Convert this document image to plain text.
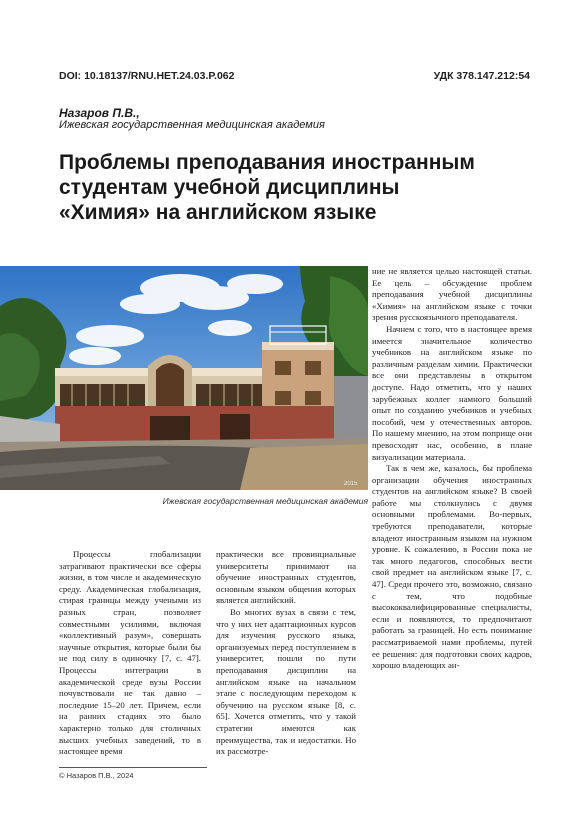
DOI: 10.18137/RNU.HET.24.03.P.062	УДК 378.147.212:54
Назаров П.В.,
Ижевская государственная медицинская академия
Проблемы преподавания иностранным
студентам учебной дисциплины
«Химия» на английском языке
2015
Ижевская государственная медицинская академия

Процессы глобализации затрагивают практически все сферы жизни, в том числе и академическую среду. Академическая глобализация, стирая границы между учеными из разных стран, позволяет совместными усилиями, включая «коллективный разум», совершать научные открытия, которые были бы не под силу в одиночку [7, с. 47]. Процессы интеграции в академической среде вузы России почувствовали не так давно – последние 15–20 лет. Причем, если на ранних стадиях это было характерно только для столичных высших учебных заведений, то в настоящее время

практически все провинциальные университеты принимают на обучение иностранных студентов, основным языком общения которых является английский.

Во многих вузах в связи с тем, что у них нет адаптационных курсов для изучения русского языка, организуемых перед поступлением в университет, пошли по пути преподавания дисциплин на английском языке на начальном этапе с последующим переходом к обучению на русском языке [8, с. 65]. Хочется отметить, что у такой стратегии имеются как преимущества, так и недостатки. Но их рассмотре-

ние не является целью настоящей статьи. Ее цель – обсуждение проблем преподавания учебной дисциплины «Химия» на английском языке с точки зрения русскоязычного преподавателя.

Начнем с того, что в настоящее время имеется значительное количество учебников на английском языке по различным разделам химии. Практически все они представлены в открытом доступе. Надо отметить, что у наших зарубежных коллег намного больший опыт по созданию учебников и учебных пособий, чем у отечественных авторов. По нашему мнению, на этом поприще они превосходят нас, особенно, в плане визуализации материала.

Так в чем же, казалось, бы проблема организации обучения иностранных студентов на английском языке? В своей работе мы столкнулись с двумя основными проблемами. Во-первых, требуются преподаватели, которые владеют иностранным языком на нужном уровне. К сожалению, в России пока не так много педагогов, способных вести свой предмет на английском языке [7, с. 47]. Среди прочего это, возможно, связано с тем, что подобные высококвалифицированные специалисты, если и появляются, то предпочитают работать за границей. Но есть понимание рассматриваемой нами проблемы, путей ее решения: для подготовки своих кадров, хорошо владеющих ан-

© Назаров П.В., 2024
